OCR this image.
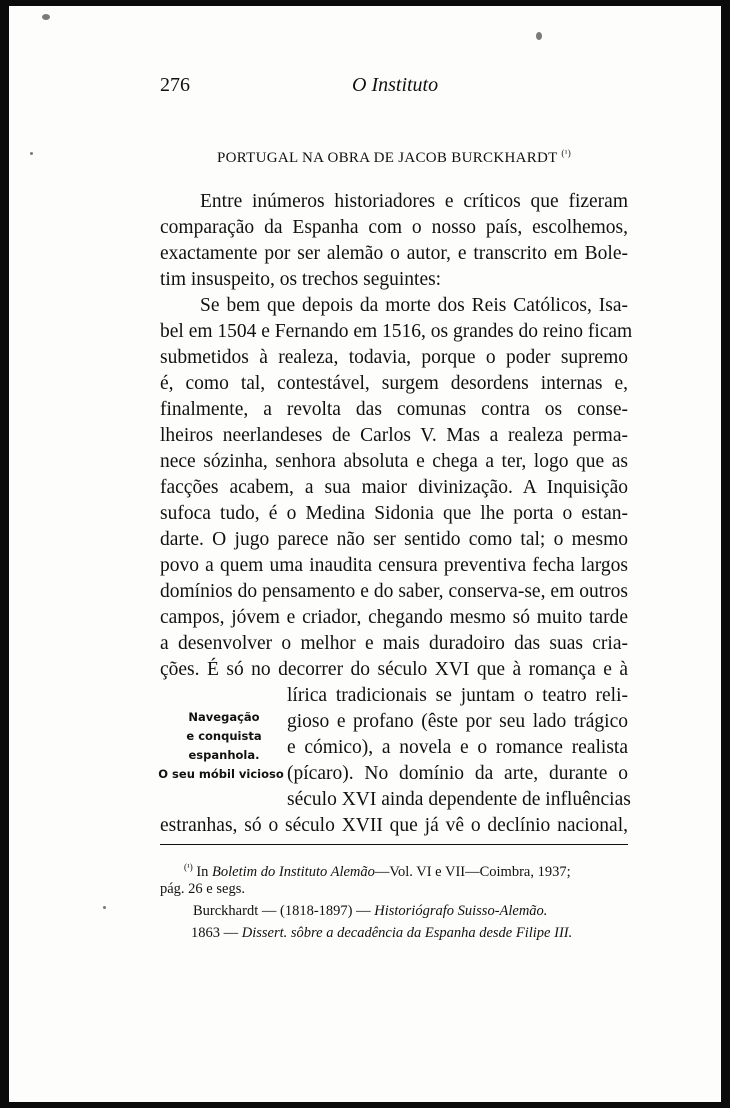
276	O Instituto
PORTUGAL NA OBRA DE JACOB BURCKHARDT $^{(^1)}$
Entre inúmeros historiadores e críticos que fizeram
comparação da Espanha com o nosso país, escolhemos,
exactamente por ser alemão o autor, e transcrito em Bole-
tim insuspeito, os trechos seguintes:
Se bem que depois da morte dos Reis Católicos, Isa-
bel em 1504 e Fernando em 1516, os grandes do reino ficam
submetidos à realeza, todavia, porque o poder supremo
é, como tal, contestável, surgem desordens internas e,
finalmente, a revolta das comunas contra os conse-
lheiros neerlandeses de Carlos V. Mas a realeza perma-
nece sózinha, senhora absoluta e chega a ter, logo que as
facções acabem, a sua maior divinização. A Inquisição
sufoca tudo, é o Medina Sidonia que lhe porta o estan-
darte. O jugo parece não ser sentido como tal; o mesmo
povo a quem uma inaudita censura preventiva fecha largos
domínios do pensamento e do saber, conserva-se, em outros
campos, jóvem e criador, chegando mesmo só muito tarde
a desenvolver o melhor e mais duradoiro das suas cria-
ções. É só no decorrer do século XVI que à romança e à
lírica tradicionais se juntam o teatro reli-
gioso e profano (êste por seu lado trágico
e cómico), a novela e o romance realista
(pícaro). No domínio da arte, durante o
século XVI ainda dependente de influências
estranhas, só o século XVII que já vê o declínio nacional,
Navegação
e conquista
espanhola.
O seu móbil vicioso
$^{(^1)}$ In Boletim do Instituto Alemão—Vol. VI e VII—Coimbra, 1937;
pág. 26 e segs.
Burckhardt — (1818-1897) — Historiógrafo Suisso-Alemão.
1863 — Dissert. sôbre a decadência da Espanha desde Filipe III.
